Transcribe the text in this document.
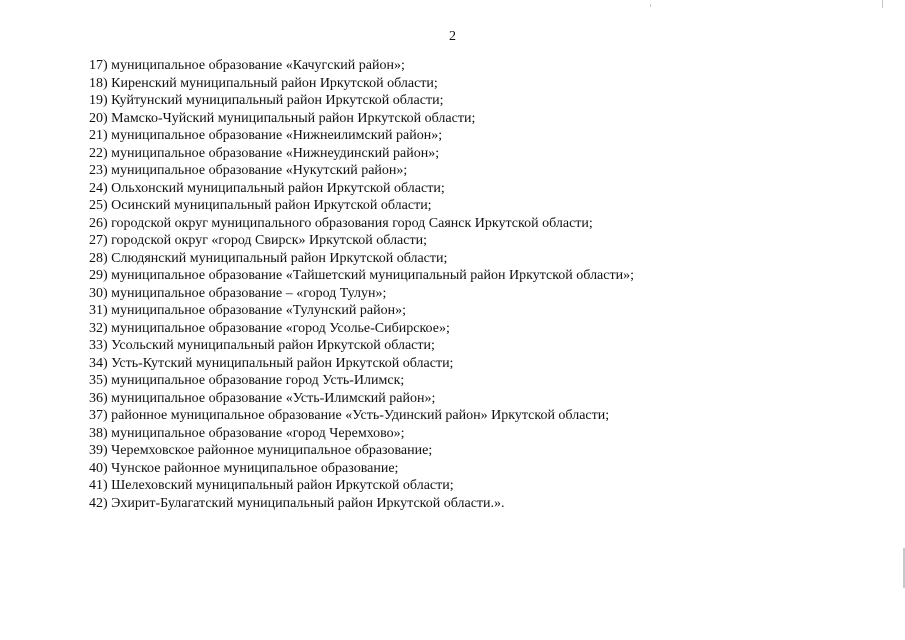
2
17) муниципальное образование «Качугский район»;
18) Киренский муниципальный район Иркутской области;
19) Куйтунский муниципальный район Иркутской области;
20) Мамско-Чуйский муниципальный район Иркутской области;
21) муниципальное образование «Нижнеилимский район»;
22) муниципальное образование «Нижнеудинский район»;
23) муниципальное образование «Нукутский район»;
24) Ольхонский муниципальный район Иркутской области;
25) Осинский муниципальный район Иркутской области;
26) городской округ муниципального образования город Саянск Иркутской области;
27) городской округ «город Свирск» Иркутской области;
28) Слюдянский муниципальный район Иркутской области;
29) муниципальное образование «Тайшетский муниципальный район Иркутской области»;
30) муниципальное образование – «город Тулун»;
31) муниципальное образование «Тулунский район»;
32) муниципальное образование «город Усолье-Сибирское»;
33) Усольский муниципальный район Иркутской области;
34) Усть-Кутский муниципальный район Иркутской области;
35) муниципальное образование город Усть-Илимск;
36) муниципальное образование «Усть-Илимский район»;
37) районное муниципальное образование «Усть-Удинский район» Иркутской области;
38) муниципальное образование «город Черемхово»;
39) Черемховское районное муниципальное образование;
40) Чунское районное муниципальное образование;
41) Шелеховский муниципальный район Иркутской области;
42) Эхирит-Булагатский муниципальный район Иркутской области.».
